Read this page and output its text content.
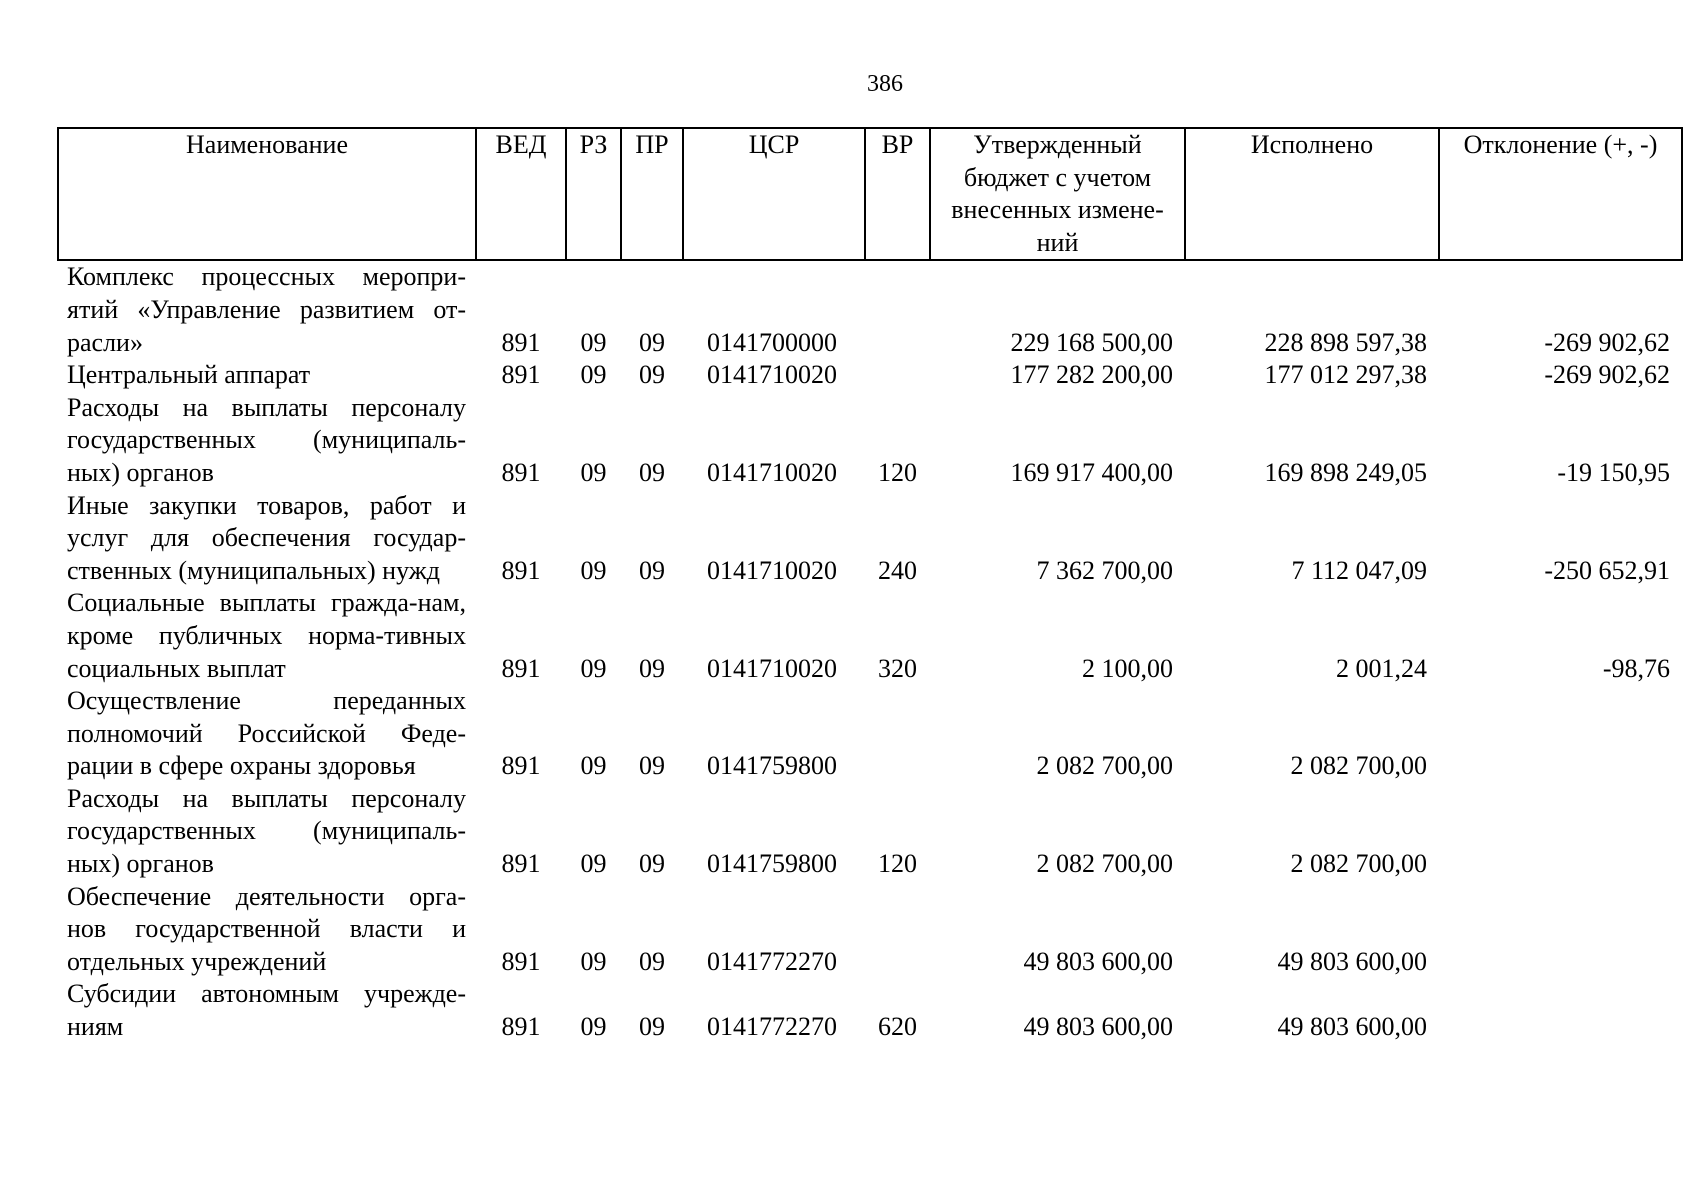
386
Наименование	ВЕД	РЗ	ПР	ЦСР	ВР	Утвержденный бюджет с учетом внесенных измене-ний	Исполнено	Отклонение (+, -)
Комплекс процессных меропри-ятий «Управление развитием от-расли»	891	09	09	0141700000		229 168 500,00	228 898 597,38	-269 902,62
Центральный аппарат	891	09	09	0141710020		177 282 200,00	177 012 297,38	-269 902,62
Расходы на выплаты персоналу государственных (муниципаль-ных) органов	891	09	09	0141710020	120	169 917 400,00	169 898 249,05	-19 150,95
Иные закупки товаров, работ и услуг для обеспечения государ-ственных (муниципальных) нужд	891	09	09	0141710020	240	7 362 700,00	7 112 047,09	-250 652,91
Социальные выплаты гражда-нам, кроме публичных норма-тивных социальных выплат	891	09	09	0141710020	320	2 100,00	2 001,24	-98,76
Осуществление переданных полномочий Российской Феде-рации в сфере охраны здоровья	891	09	09	0141759800		2 082 700,00	2 082 700,00	
Расходы на выплаты персоналу государственных (муниципаль-ных) органов	891	09	09	0141759800	120	2 082 700,00	2 082 700,00	
Обеспечение деятельности орга-нов государственной власти и отдельных учреждений	891	09	09	0141772270		49 803 600,00	49 803 600,00	
Субсидии автономным учрежде-ниям	891	09	09	0141772270	620	49 803 600,00	49 803 600,00	
